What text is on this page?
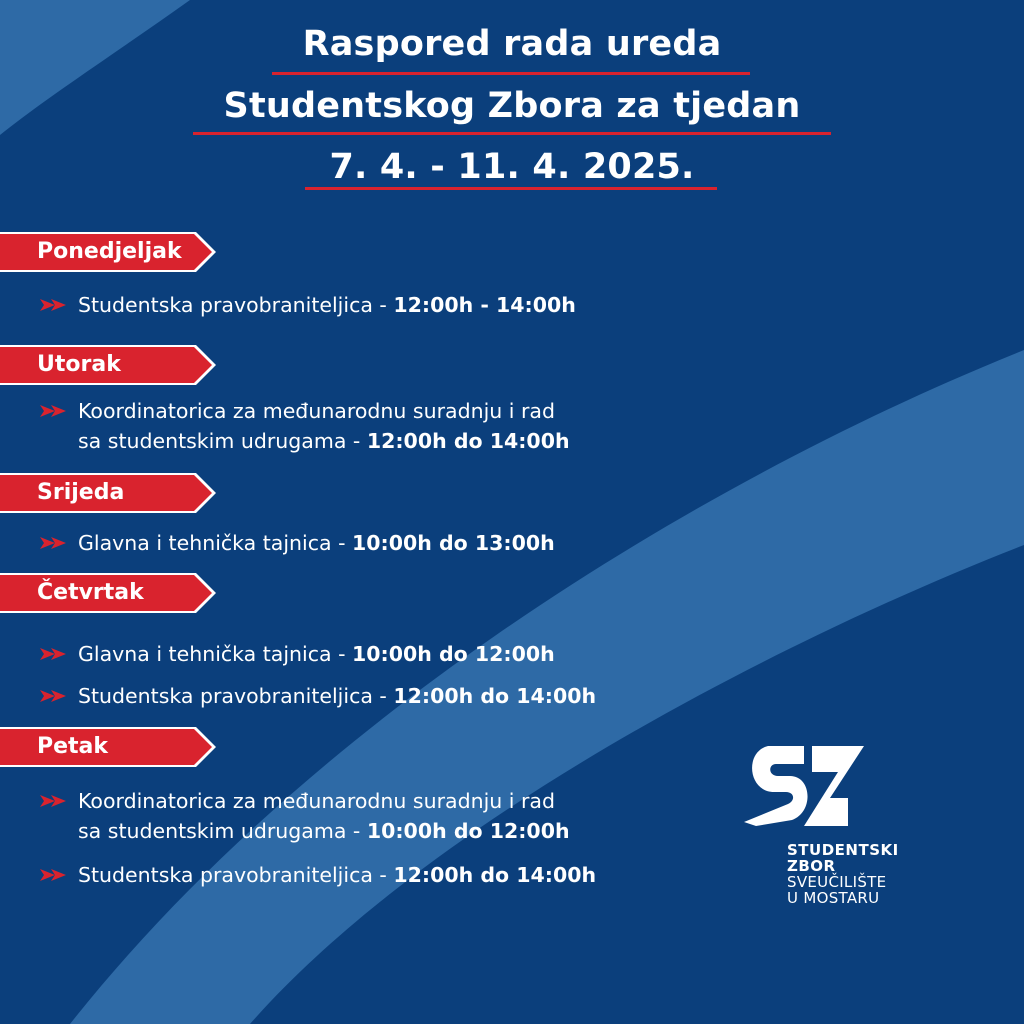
Raspored rada ureda
Studentskog Zbora za tjedan
7. 4. - 11. 4. 2025.
Ponedjeljak
Studentska pravobraniteljica - 12:00h - 14:00h
Utorak
Koordinatorica za međunarodnu suradnju i rad
sa studentskim udrugama - 12:00h do 14:00h
Srijeda
Glavna i tehnička tajnica - 10:00h do 13:00h
Četvrtak
Glavna i tehnička tajnica - 10:00h do 12:00h
Studentska pravobraniteljica - 12:00h do 14:00h
Petak
Koordinatorica za međunarodnu suradnju i rad
sa studentskim udrugama - 10:00h do 12:00h
Studentska pravobraniteljica - 12:00h do 14:00h
STUDENTSKI
ZBOR
SVEUČILIŠTE
U MOSTARU
